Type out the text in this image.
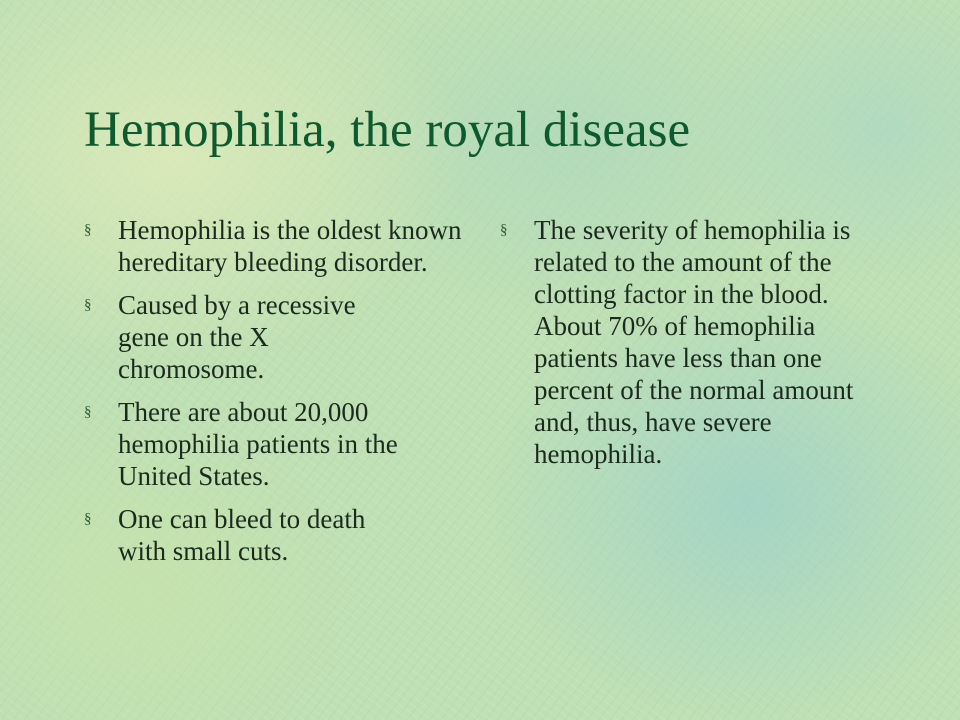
Hemophilia, the royal disease
§ Hemophilia is the oldest known hereditary bleeding disorder.
§ Caused by a recessive gene on the X chromosome.
§ There are about 20,000 hemophilia patients in the United States.
§ One can bleed to death with small cuts.
§ The severity of hemophilia is related to the amount of the clotting factor in the blood. About 70% of hemophilia patients have less than one percent of the normal amount and, thus, have severe hemophilia.
